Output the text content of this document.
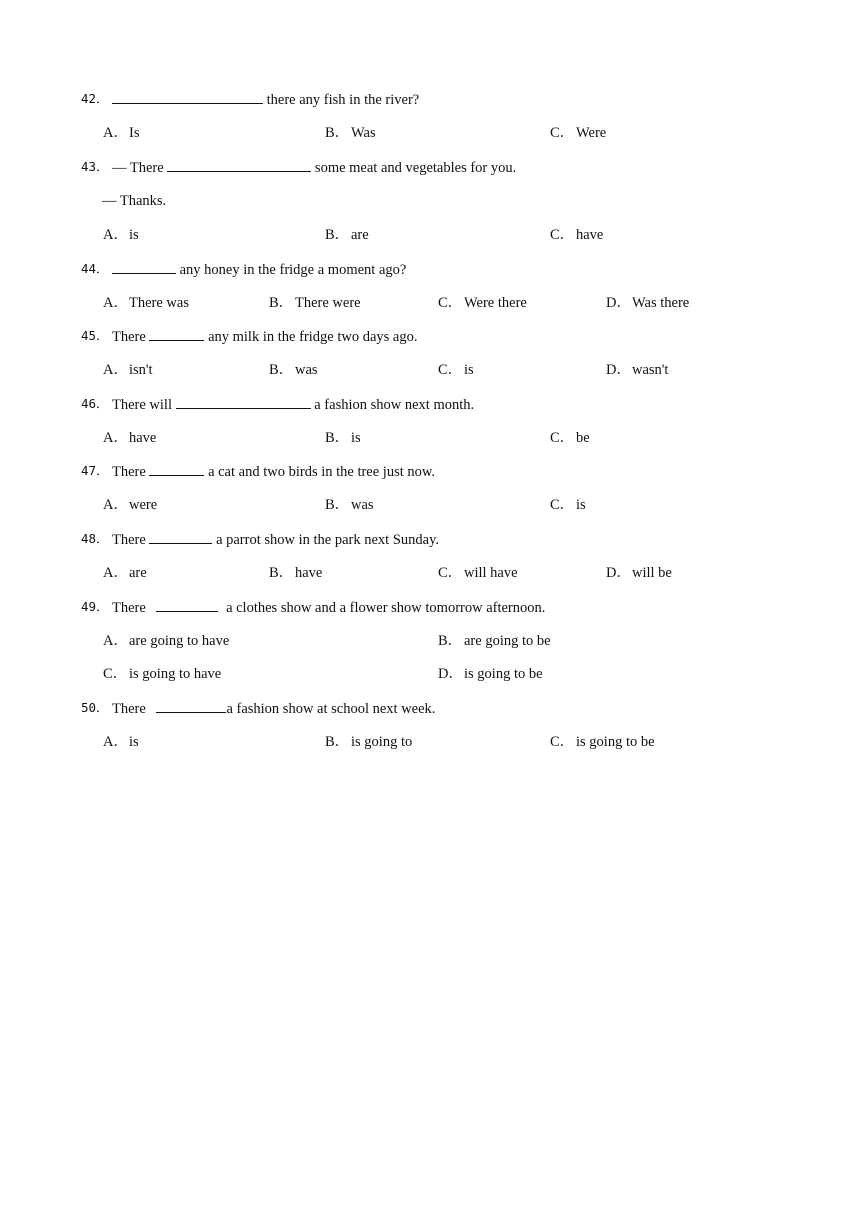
42．	there any fish in the river?
A．Is	B． Was	C． Were
43． — There	some meat and vegetables for you.
— Thanks.
A．is	B． are	C． have
44．	any honey in the fridge a moment ago?
A．There was	B． There were	C． Were there	D．Was there
45． There	any milk in the fridge two days ago.
A．isn't	B． was	C． is	D．wasn't
46． There will	a fashion show next month.
A．have	B． is	C． be
47． There	a cat and two birds in the tree just now.
A．were	B． was	C． is
48． There	a parrot show in the park next Sunday.
A．are	B． have	C． will have	D．will be
49． There	a clothes show and a flower show tomorrow afternoon.
A．are going to have	B． are going to be
C． is going to have	D．is going to be
50． There	a fashion show at school next week.
A．is	B． is going to	C． is going to be
